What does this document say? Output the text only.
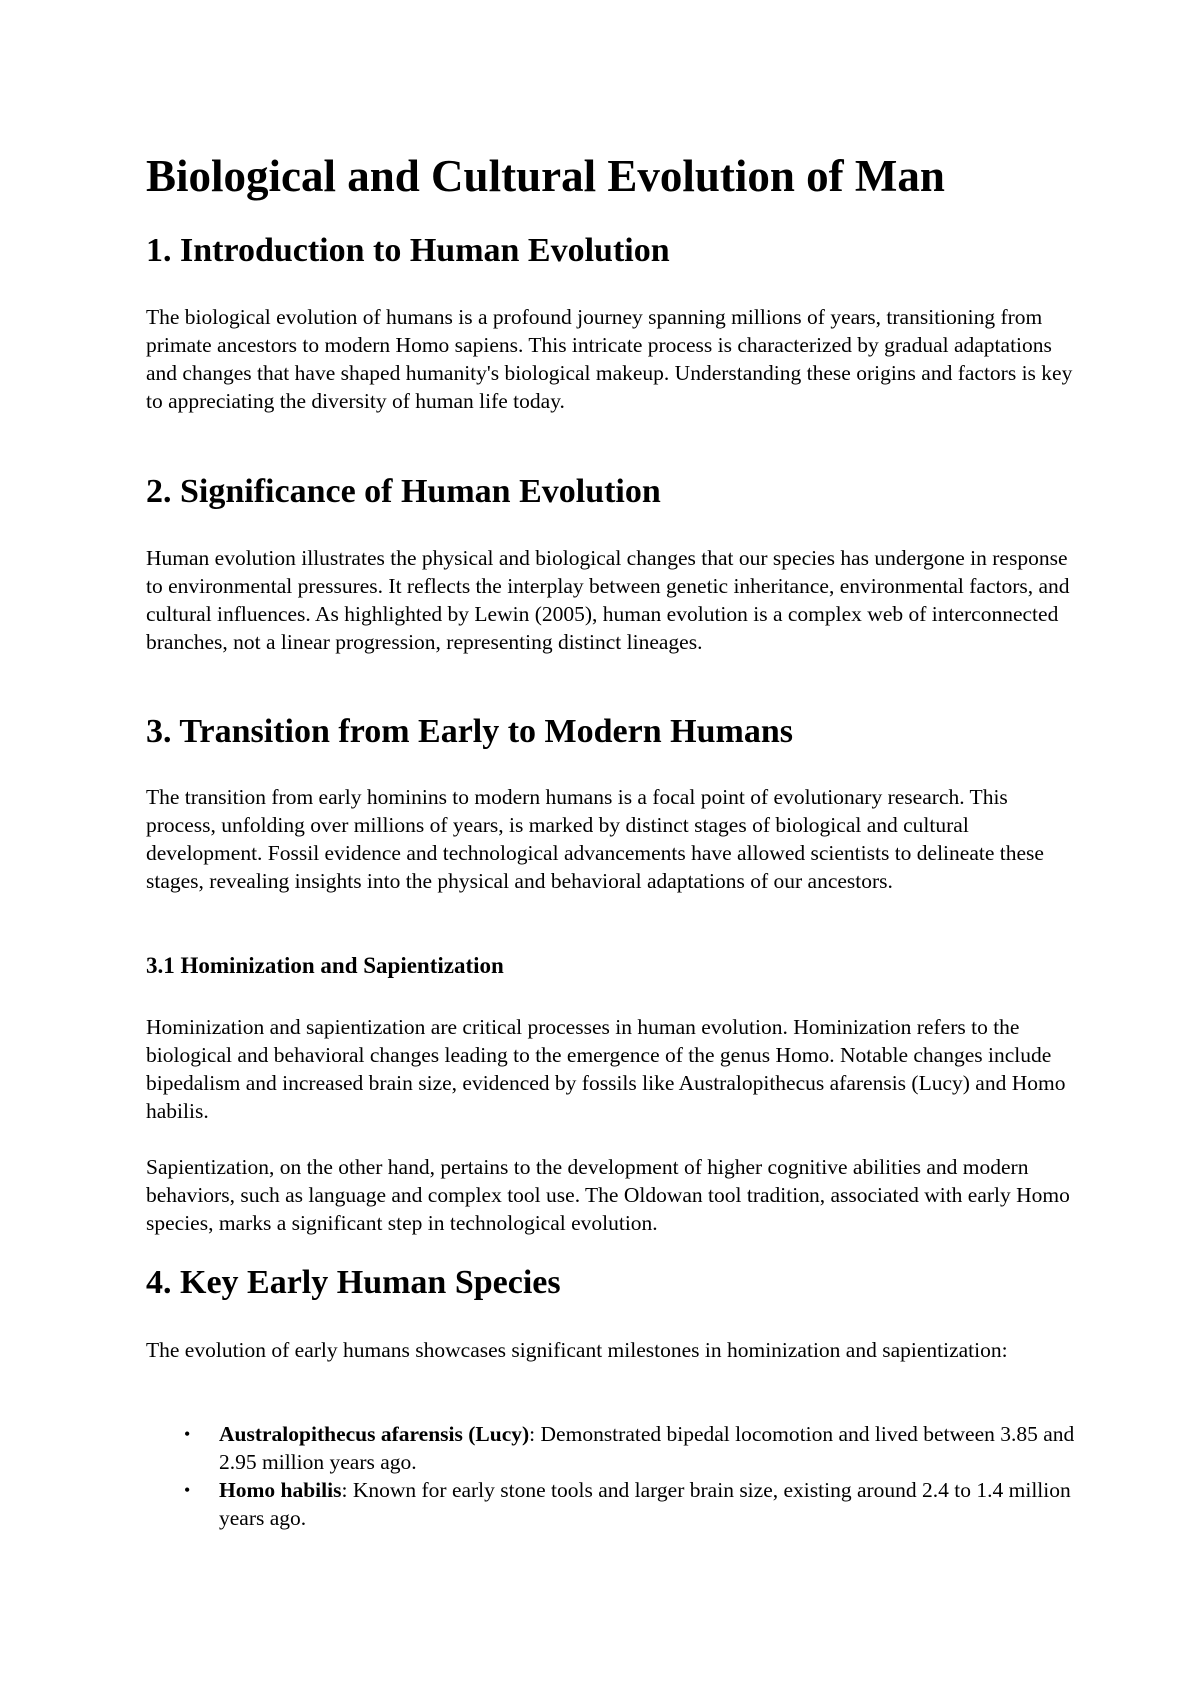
Biological and Cultural Evolution of Man
1. Introduction to Human Evolution

The biological evolution of humans is a profound journey spanning millions of years, transitioning from primate ancestors to modern Homo sapiens. This intricate process is characterized by gradual adaptations and changes that have shaped humanity's biological makeup. Understanding these origins and factors is key to appreciating the diversity of human life today.

2. Significance of Human Evolution

Human evolution illustrates the physical and biological changes that our species has undergone in response to environmental pressures. It reflects the interplay between genetic inheritance, environmental factors, and cultural influences. As highlighted by Lewin (2005), human evolution is a complex web of interconnected branches, not a linear progression, representing distinct lineages.

3. Transition from Early to Modern Humans

The transition from early hominins to modern humans is a focal point of evolutionary research. This process, unfolding over millions of years, is marked by distinct stages of biological and cultural development. Fossil evidence and technological advancements have allowed scientists to delineate these stages, revealing insights into the physical and behavioral adaptations of our ancestors.

3.1 Hominization and Sapientization

Hominization and sapientization are critical processes in human evolution. Hominization refers to the biological and behavioral changes leading to the emergence of the genus Homo. Notable changes include bipedalism and increased brain size, evidenced by fossils like Australopithecus afarensis (Lucy) and Homo habilis.

Sapientization, on the other hand, pertains to the development of higher cognitive abilities and modern behaviors, such as language and complex tool use. The Oldowan tool tradition, associated with early Homo species, marks a significant step in technological evolution.

4. Key Early Human Species

The evolution of early humans showcases significant milestones in hominization and sapientization:

• Australopithecus afarensis (Lucy): Demonstrated bipedal locomotion and lived between 3.85 and 2.95 million years ago.
• Homo habilis: Known for early stone tools and larger brain size, existing around 2.4 to 1.4 million years ago.
